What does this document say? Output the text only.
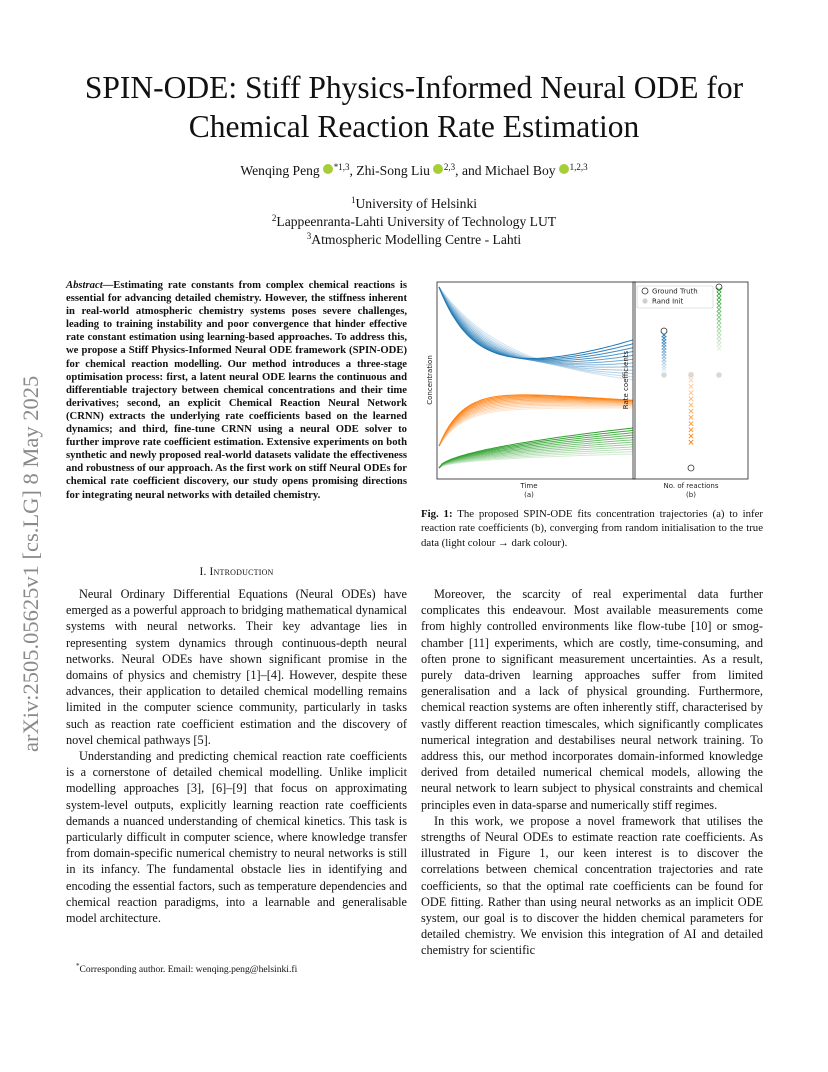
SPIN-ODE: Stiff Physics-Informed Neural ODE for Chemical Reaction Rate Estimation
Wenqing Peng $^{*1,3}$, Zhi-Song Liu $^{2,3}$, and Michael Boy $^{1,2,3}$
$^1$University of Helsinki
$^2$Lappeenranta-Lahti University of Technology LUT
$^3$Atmospheric Modelling Centre - Lahti
arXiv:2505.05625v1 [cs.LG] 8 May 2025
Abstract—Estimating rate constants from complex chemical reactions is essential for advancing detailed chemistry. However, the stiffness inherent in real-world atmospheric chemistry systems poses severe challenges, leading to training instability and poor convergence that hinder effective rate constant estimation using learning-based approaches. To address this, we propose a Stiff Physics-Informed Neural ODE framework (SPIN-ODE) for chemical reaction modelling. Our method introduces a three-stage optimisation process: first, a latent neural ODE learns the continuous and differentiable trajectory between chemical concentrations and their time derivatives; second, an explicit Chemical Reaction Neural Network (CRNN) extracts the underlying rate coefficients based on the learned dynamics; and third, fine-tune CRNN using a neural ODE solver to further improve rate coefficient estimation. Extensive experiments on both synthetic and newly proposed real-world datasets validate the effectiveness and robustness of our approach. As the first work on stiff Neural ODEs for chemical rate coefficient discovery, our study opens promising directions for integrating neural networks with detailed chemistry.
I. Introduction

Neural Ordinary Differential Equations (Neural ODEs) have emerged as a powerful approach to bridging mathematical dynamical systems with neural networks. Their key advantage lies in representing system dynamics through continuous-depth neural networks. Neural ODEs have shown significant promise in the domains of physics and chemistry [1]–[4]. However, despite these advances, their application to detailed chemical modelling remains limited in the computer science community, particularly in tasks such as reaction rate coefficient estimation and the discovery of novel chemical pathways [5].

Understanding and predicting chemical reaction rate coefficients is a cornerstone of detailed chemical modelling. Unlike implicit modelling approaches [3], [6]–[9] that focus on approximating system-level outputs, explicitly learning reaction rate coefficients demands a nuanced understanding of chemical kinetics. This task is particularly difficult in computer science, where knowledge transfer from domain-specific numerical chemistry to neural networks is still in its infancy. The fundamental obstacle lies in identifying and encoding the essential factors, such as temperature dependencies and chemical reaction paradigms, into a learnable and generalisable model architecture.

*Corresponding author. Email: wenqing.peng@helsinki.fi
Concentration
Time
(a)
Ground Truth
Rand Init
Rate coefficients
No. of reactions
(b)
Fig. 1: The proposed SPIN-ODE fits concentration trajectories (a) to infer reaction rate coefficients (b), converging from random initialisation to the true data (light colour → dark colour).

Moreover, the scarcity of real experimental data further complicates this endeavour. Most available measurements come from highly controlled environments like flow-tube [10] or smog-chamber [11] experiments, which are costly, time-consuming, and often prone to significant measurement uncertainties. As a result, purely data-driven learning approaches suffer from limited generalisation and a lack of physical grounding. Furthermore, chemical reaction systems are often inherently stiff, characterised by vastly different reaction timescales, which significantly complicates numerical integration and destabilises neural network training. To address this, our method incorporates domain-informed knowledge derived from detailed numerical chemical models, allowing the neural network to learn subject to physical constraints and chemical principles even in data-sparse and numerically stiff regimes.

In this work, we propose a novel framework that utilises the strengths of Neural ODEs to estimate reaction rate coefficients. As illustrated in Figure 1, our keen interest is to discover the correlations between chemical concentration trajectories and rate coefficients, so that the optimal rate coefficients can be found for ODE fitting. Rather than using neural networks as an implicit ODE system, our goal is to discover the hidden chemical parameters for detailed chemistry. We envision this integration of AI and detailed chemistry for scientific
